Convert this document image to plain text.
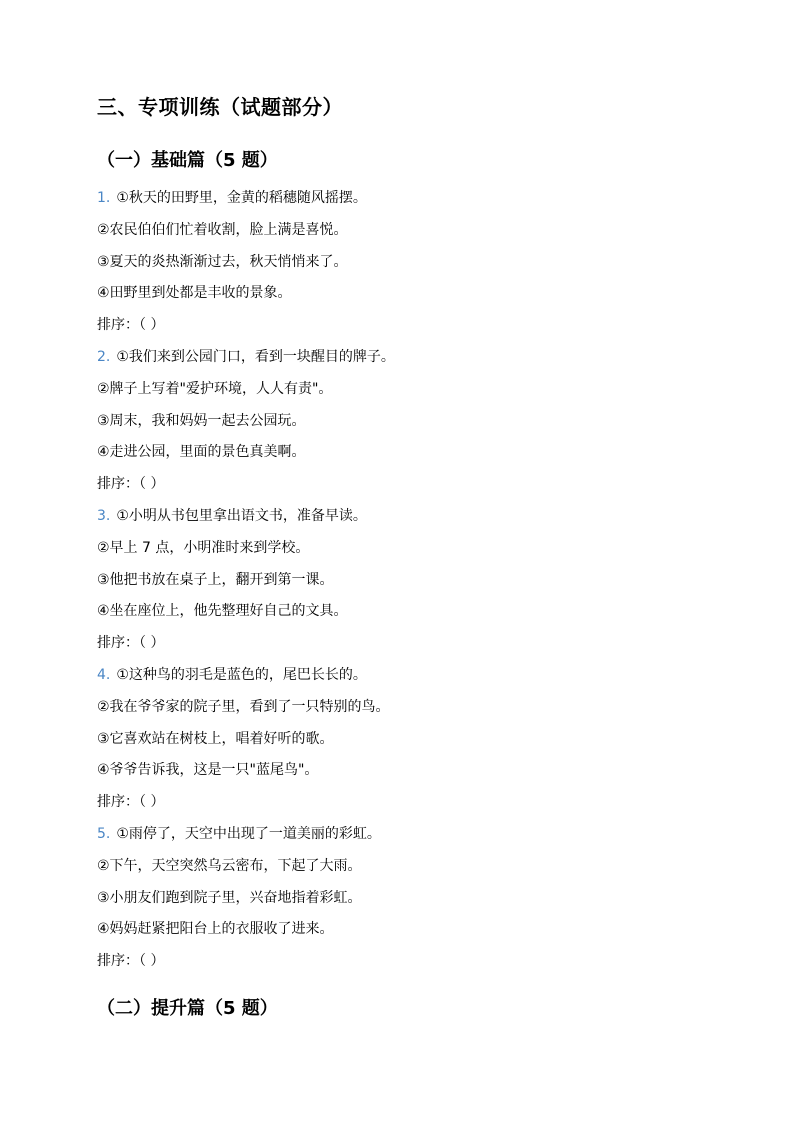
三、专项训练（试题部分）
（一）基础篇（5 题）
1. ①秋天的田野里，金黄的稻穗随风摇摆。
②农民伯伯们忙着收割，脸上满是喜悦。
③夏天的炎热渐渐过去，秋天悄悄来了。
④田野里到处都是丰收的景象。
排序：（ ）
2. ①我们来到公园门口，看到一块醒目的牌子。
②牌子上写着"爱护环境，人人有责"。
③周末，我和妈妈一起去公园玩。
④走进公园，里面的景色真美啊。
排序：（ ）
3. ①小明从书包里拿出语文书，准备早读。
②早上 7 点，小明准时来到学校。
③他把书放在桌子上，翻开到第一课。
④坐在座位上，他先整理好自己的文具。
排序：（ ）
4. ①这种鸟的羽毛是蓝色的，尾巴长长的。
②我在爷爷家的院子里，看到了一只特别的鸟。
③它喜欢站在树枝上，唱着好听的歌。
④爷爷告诉我，这是一只"蓝尾鸟"。
排序：（ ）
5. ①雨停了，天空中出现了一道美丽的彩虹。
②下午，天空突然乌云密布，下起了大雨。
③小朋友们跑到院子里，兴奋地指着彩虹。
④妈妈赶紧把阳台上的衣服收了进来。
排序：（ ）
（二）提升篇（5 题）
